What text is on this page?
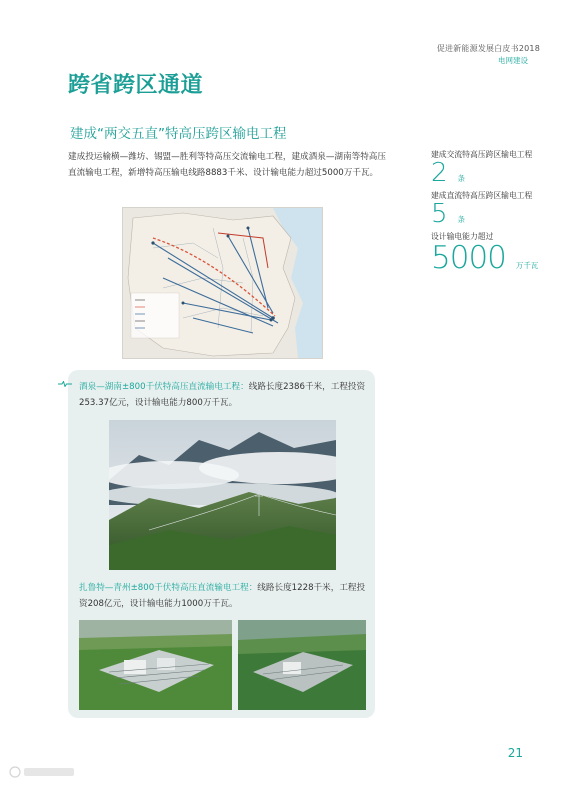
促进新能源发展白皮书2018
电网建设
跨省跨区通道
建成“两交五直”特高压跨区输电工程
建成投运榆横—潍坊、锡盟—胜利等特高压交流输电工程，建成酒泉—湖南等特高压直流输电工程，新增特高压输电线路8883千米、设计输电能力超过5000万千瓦。

建成交流特高压跨区输电工程

2 条

建成直流特高压跨区输电工程

5 条

设计输电能力超过

5000 万千瓦
酒泉—湖南±800千伏特高压直流输电工程：线路长度2386千米，工程投资253.37亿元，设计输电能力800万千瓦。
扎鲁特—青州±800千伏特高压直流输电工程：线路长度1228千米，工程投资208亿元，设计输电能力1000万千瓦。
21
